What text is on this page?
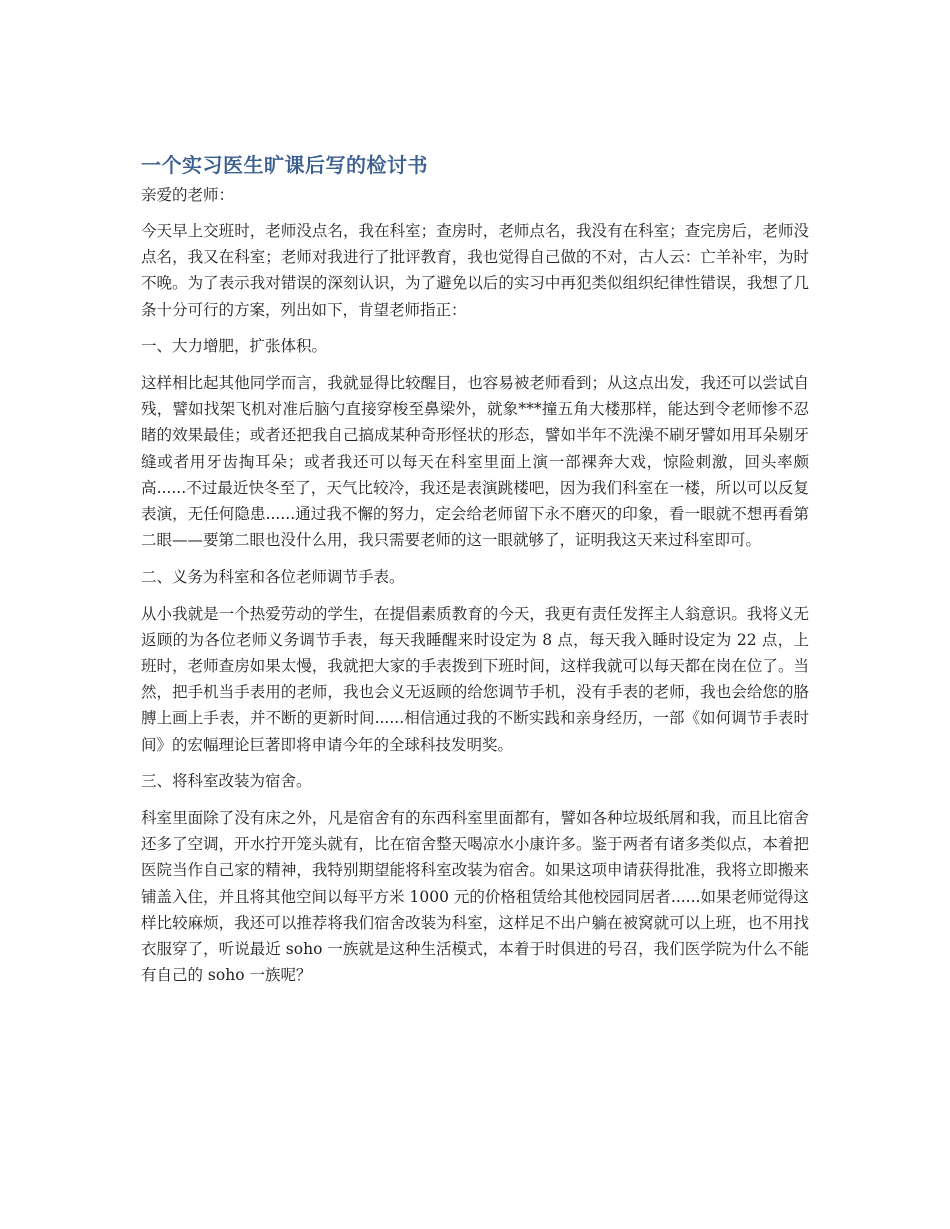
一个实习医生旷课后写的检讨书

亲爱的老师：

今天早上交班时，老师没点名，我在科室；查房时，老师点名，我没有在科室；查完房后，老师没点名，我又在科室；老师对我进行了批评教育，我也觉得自己做的不对，古人云：亡羊补牢，为时不晚。为了表示我对错误的深刻认识，为了避免以后的实习中再犯类似组织纪律性错误，我想了几条十分可行的方案，列出如下，肯望老师指正：

一、大力增肥，扩张体积。

这样相比起其他同学而言，我就显得比较醒目，也容易被老师看到；从这点出发，我还可以尝试自残，譬如找架飞机对准后脑勺直接穿梭至鼻梁外，就象***撞五角大楼那样，能达到令老师惨不忍睹的效果最佳；或者还把我自己搞成某种奇形怪状的形态，譬如半年不洗澡不刷牙譬如用耳朵剔牙缝或者用牙齿掏耳朵；或者我还可以每天在科室里面上演一部裸奔大戏，惊险刺激，回头率颇高......不过最近快冬至了，天气比较冷，我还是表演跳楼吧，因为我们科室在一楼，所以可以反复表演，无任何隐患......通过我不懈的努力，定会给老师留下永不磨灭的印象，看一眼就不想再看第二眼——要第二眼也没什么用，我只需要老师的这一眼就够了，证明我这天来过科室即可。

二、义务为科室和各位老师调节手表。

从小我就是一个热爱劳动的学生，在提倡素质教育的今天，我更有责任发挥主人翁意识。我将义无返顾的为各位老师义务调节手表，每天我睡醒来时设定为 8 点，每天我入睡时设定为 22 点，上班时，老师查房如果太慢，我就把大家的手表拨到下班时间，这样我就可以每天都在岗在位了。当然，把手机当手表用的老师，我也会义无返顾的给您调节手机，没有手表的老师，我也会给您的胳膊上画上手表，并不断的更新时间......相信通过我的不断实践和亲身经历，一部《如何调节手表时间》的宏幅理论巨著即将申请今年的全球科技发明奖。

三、将科室改装为宿舍。

科室里面除了没有床之外，凡是宿舍有的东西科室里面都有，譬如各种垃圾纸屑和我，而且比宿舍还多了空调，开水拧开笼头就有，比在宿舍整天喝凉水小康许多。鉴于两者有诸多类似点，本着把医院当作自己家的精神，我特别期望能将科室改装为宿舍。如果这项申请获得批准，我将立即搬来铺盖入住，并且将其他空间以每平方米 1000 元的价格租赁给其他校园同居者......如果老师觉得这样比较麻烦，我还可以推荐将我们宿舍改装为科室，这样足不出户躺在被窝就可以上班，也不用找衣服穿了，听说最近 soho 一族就是这种生活模式，本着于时俱进的号召，我们医学院为什么不能有自己的 soho 一族呢？
